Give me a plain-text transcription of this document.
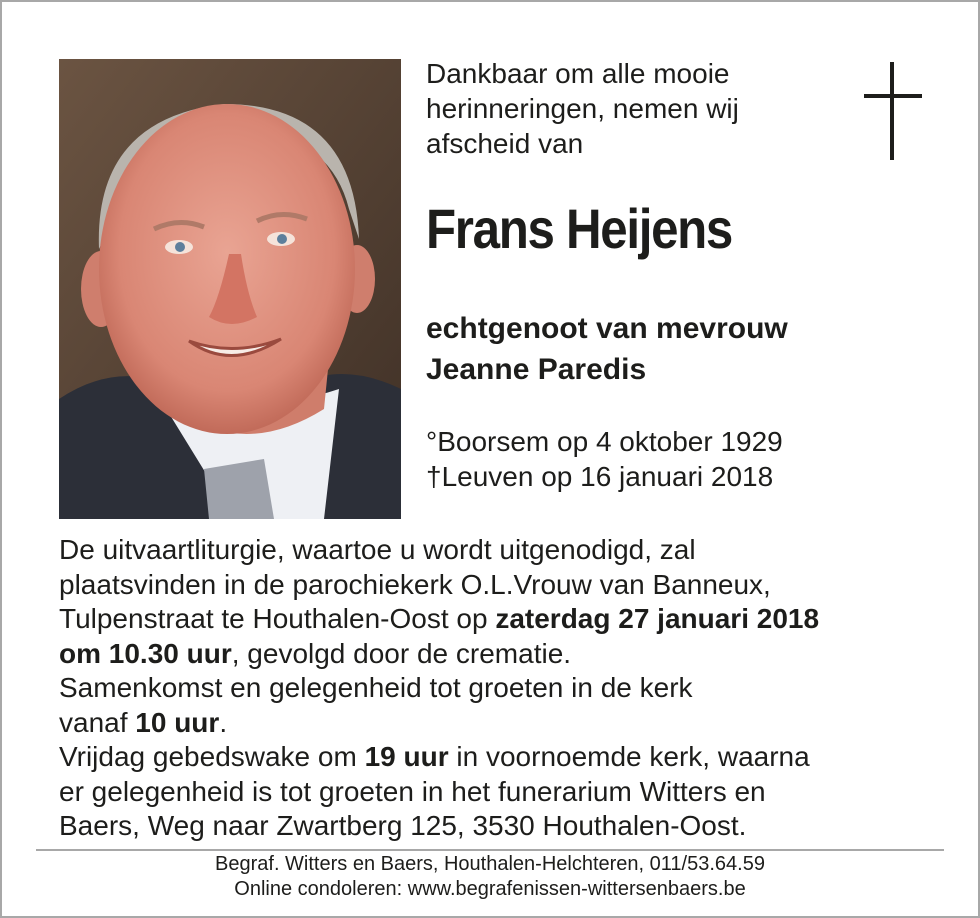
Dankbaar om alle mooie
herinneringen, nemen wij
afscheid van
Frans Heijens
echtgenoot van mevrouw
Jeanne Paredis
°Boorsem op 4 oktober 1929
†Leuven op 16 januari 2018
De uitvaartliturgie, waartoe u wordt uitgenodigd, zal
plaatsvinden in de parochiekerk O.L.Vrouw van Banneux,
Tulpenstraat te Houthalen-Oost op zaterdag 27 januari 2018
om 10.30 uur, gevolgd door de crematie.
Samenkomst en gelegenheid tot groeten in de kerk
vanaf 10 uur.
Vrijdag gebedswake om 19 uur in voornoemde kerk, waarna
er gelegenheid is tot groeten in het funerarium Witters en
Baers, Weg naar Zwartberg 125, 3530 Houthalen-Oost.
Begraf. Witters en Baers, Houthalen-Helchteren, 011/53.64.59
Online condoleren: www.begrafenissen-wittersenbaers.be
